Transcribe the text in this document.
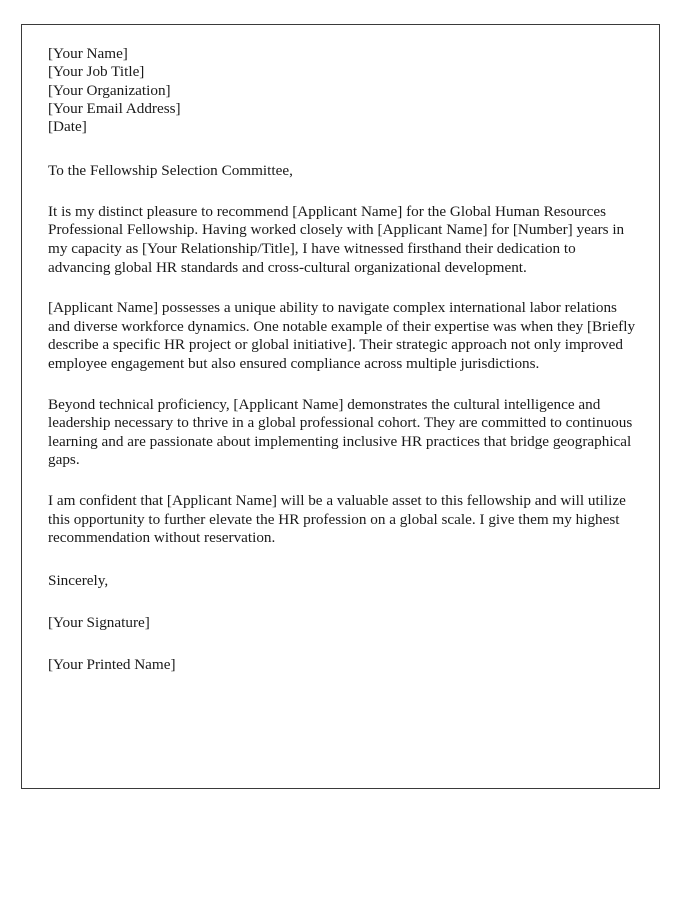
[Your Name]
[Your Job Title]
[Your Organization]
[Your Email Address]
[Date]
To the Fellowship Selection Committee,

It is my distinct pleasure to recommend [Applicant Name] for the Global Human Resources Professional Fellowship. Having worked closely with [Applicant Name] for [Number] years in my capacity as [Your Relationship/Title], I have witnessed firsthand their dedication to advancing global HR standards and cross-cultural organizational development.

[Applicant Name] possesses a unique ability to navigate complex international labor relations and diverse workforce dynamics. One notable example of their expertise was when they [Briefly describe a specific HR project or global initiative]. Their strategic approach not only improved employee engagement but also ensured compliance across multiple jurisdictions.

Beyond technical proficiency, [Applicant Name] demonstrates the cultural intelligence and leadership necessary to thrive in a global professional cohort. They are committed to continuous learning and are passionate about implementing inclusive HR practices that bridge geographical gaps.

I am confident that [Applicant Name] will be a valuable asset to this fellowship and will utilize this opportunity to further elevate the HR profession on a global scale. I give them my highest recommendation without reservation.

Sincerely,
[Your Signature]
[Your Printed Name]
